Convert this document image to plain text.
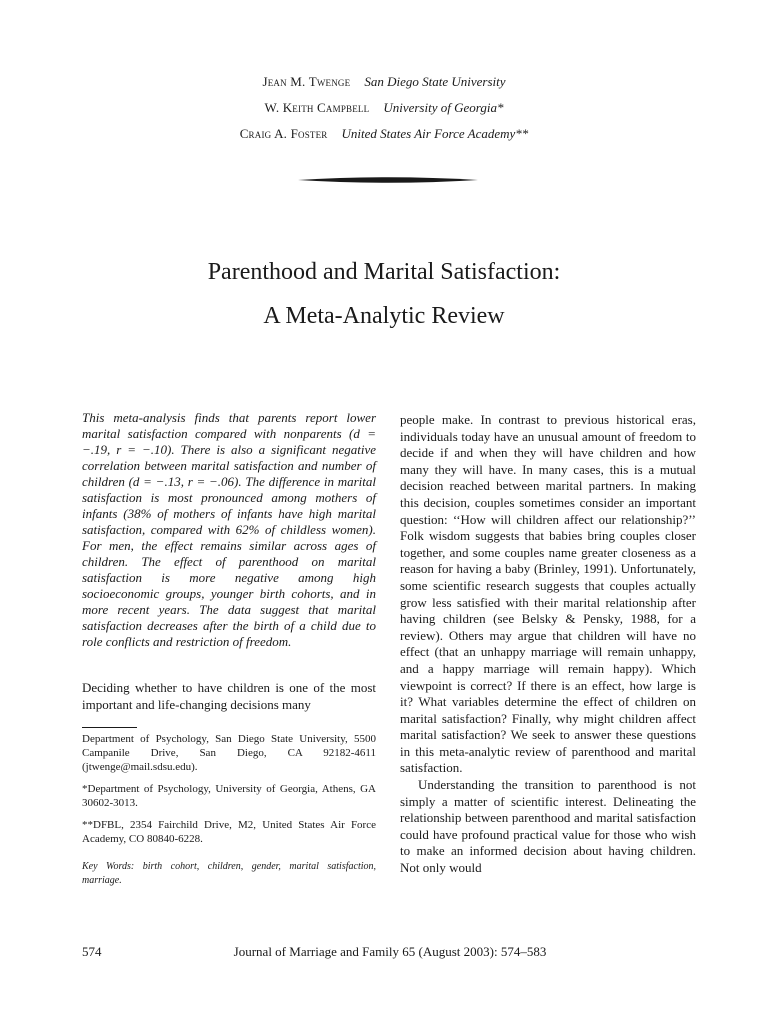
Jean M. Twenge San Diego State University
W. Keith Campbell University of Georgia*
Craig A. Foster United States Air Force Academy**
Parenthood and Marital Satisfaction:
A Meta-Analytic Review

This meta-analysis finds that parents report lower marital satisfaction compared with nonparents (d = −.19, r = −.10). There is also a significant negative correlation between marital satisfaction and number of children (d = −.13, r = −.06). The difference in marital satisfaction is most pronounced among mothers of infants (38% of mothers of infants have high marital satisfaction, compared with 62% of childless women). For men, the effect remains similar across ages of children. The effect of parenthood on marital satisfaction is more negative among high socioeconomic groups, younger birth cohorts, and in more recent years. The data suggest that marital satisfaction decreases after the birth of a child due to role conflicts and restriction of freedom.

Deciding whether to have children is one of the most important and life-changing decisions many

Department of Psychology, San Diego State University, 5500 Campanile Drive, San Diego, CA 92182-4611 (jtwenge@mail.sdsu.edu).

*Department of Psychology, University of Georgia, Athens, GA 30602-3013.

**DFBL, 2354 Fairchild Drive, M2, United States Air Force Academy, CO 80840-6228.

Key Words: birth cohort, children, gender, marital satisfaction, marriage.

people make. In contrast to previous historical eras, individuals today have an unusual amount of freedom to decide if and when they will have children and how many they will have. In many cases, this is a mutual decision reached between marital partners. In making this decision, couples sometimes consider an important question: ‘‘How will children affect our relationship?’’ Folk wisdom suggests that babies bring couples closer together, and some couples name greater closeness as a reason for having a baby (Brinley, 1991). Unfortunately, some scientific research suggests that couples actually grow less satisfied with their marital relationship after having children (see Belsky & Pensky, 1988, for a review). Others may argue that children will have no effect (that an unhappy marriage will remain unhappy, and a happy marriage will remain happy). Which viewpoint is correct? If there is an effect, how large is it? What variables determine the effect of children on marital satisfaction? Finally, why might children affect marital satisfaction? We seek to answer these questions in this meta-analytic review of parenthood and marital satisfaction.

Understanding the transition to parenthood is not simply a matter of scientific interest. Delineating the relationship between parenthood and marital satisfaction could have profound practical value for those who wish to make an informed decision about having children. Not only would

574	Journal of Marriage and Family 65 (August 2003): 574–583
